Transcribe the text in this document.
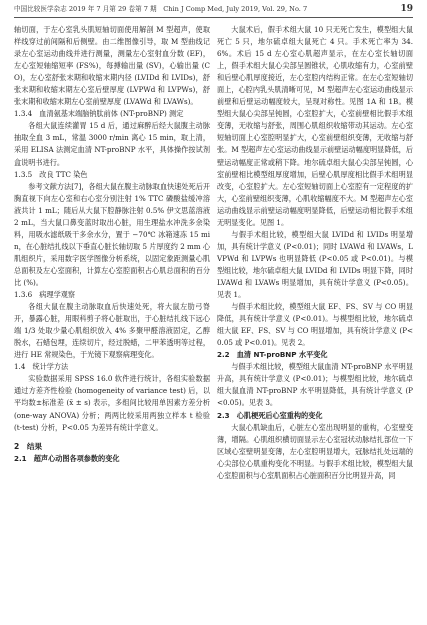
中国比较医学杂志 2019 年 7 月第 29 卷第 7 期　Chin J Comp Med, July 2019, Vol. 29, No. 7	19

轴切面，于左心室乳头肌短轴切面使用解剖 M 型超声，使取样线穿过前间隔和后侧壁。由二维图像引导，取 M 型曲线记录左心室运动曲线并进行测量，测量左心室射血分数 (EF)，左心室短轴缩短率 (FS%)，每搏输出量 (SV)，心输出量 (CO)，左心室舒张末期和收缩末期内径 (LVIDd 和 LVIDs)，舒张末期和收缩末期左心室后壁厚度 (LVPWd 和 LVPWs)，舒张末期和收缩末期左心室前壁厚度 (LVAWd 和 LVAWs)。

1.3.4　血清氨基末端脑钠肽前体 (NT-proBNP) 测定

各组大鼠连续灌胃 15 d 后，通过麻醉后经大鼠腹主动脉抽取全血 3 mL，常温 3000 r/min 离心 15 min，取上清，采用 ELISA 法测定血清 NT-proBNP 水平，具体操作按试剂盒说明书进行。

1.3.5　改良 TTC 染色

参考文献方法[7]，各组大鼠在腹主动脉取血快速处死后开胸直视下向左心室和右心室分别注射 1% TTC 磷酸盐缓冲溶液共计 1 mL；随后从大鼠下腔静脉注射 0.5% 伊文思蓝溶液 2 mL，当大鼠口鼻变蓝时取出心脏，用生理盐水冲洗多余染料，用吸水滤纸吸干多余水分，置于 −70℃ 冰箱速冻 15 min，在心脏结扎线以下垂直心脏长轴切取 5 片厚度约 2 mm 心肌组织片，采用数字医学图像分析系统，以固定象距测量心肌总面积及左心室面积，计算左心室腔面积占心肌总面积的百分比 (%)。

1.3.6　病理学观察

各组大鼠在腹主动脉取血后快速处死，将大鼠左肋弓脊开，暴露心脏，用眼科剪子将心脏取出，于心脏结扎线下远心端 1/3 处取少量心肌组织放入 4% 多聚甲醛溶液固定，乙醇脱水，石蜡包埋，连续切片，经过脱蜡，二甲苯透明等过程，进行 HE 常规染色，于光镜下观察病理变化。

1.4　统计学方法

实验数据采用 SPSS 16.0 软件进行统计，各组实验数据通过方差齐性检验 (homogeneity of variance test) 后，以平均数±标准差 (x̄ ± s) 表示，多组间比较用单因素方差分析 (one-way ANOVA) 分析；两两比较采用两独立样本 t 检验 (t-test) 分析，P<0.05 为差异有统计学意义。

2　结果
2.1　超声心动图各项参数的变化

大鼠术后，假手术组大鼠 10 只无死亡发生，模型组大鼠死亡 5 只，地尔硫卓组大鼠死亡 4 只。手术死亡率为 34.6%。术后 15 d 左心室心肌超声显示，在左心室长轴切面上，假手术组大鼠心尖部呈圆锥状，心肌收缩有力，心室前壁和后壁心肌厚度接近，左心室腔内结构正常。在左心室短轴切面上，心腔内乳头肌清晰可见，M 型超声左心室运动曲线显示前壁和后壁运动幅度较大，呈现对称性。见图 1A 和 1B。模型组大鼠心尖部呈钝圆，心室腔扩大，心室前壁相比假手术组变薄，无收缩与舒张，周围心肌组织收缩带动其运动。左心室短轴切面上心室腔明显扩大，心室前壁组织变薄，无收缩与舒张。M 型超声左心室运动曲线显示前壁运动幅度明显降低，后壁运动幅度正常或稍下降。地尔硫卓组大鼠心尖部呈钝圆，心室前壁相比模型组厚度增加，后壁心肌厚度相比假手术组明显改变，心室腔扩大。左心室短轴切面上心室腔有一定程度的扩大，心室前壁组织变薄，心肌收缩幅度不大。M 型超声左心室运动曲线显示前壁运动幅度明显降低，后壁运动相比假手术组无明显变化。见图 1。

与假手术组比较，模型组大鼠 LVIDd 和 LVIDs 明显增加，具有统计学意义 (P<0.01)；同时 LVAWd 和 LVAWs，LVPWd 和 LVPWs 也明显降低 (P<0.05 或 P<0.01)。与模型组比较，地尔硫卓组大鼠 LVIDd 和 LVIDs 明显下降，同时 LVAWd 和 LVAWs 明显增加，具有统计学意义 (P<0.05)。见表 1。

与假手术组比较，模型组大鼠 EF、FS、SV 与 CO 明显降低，具有统计学意义 (P<0.01)。与模型组比较，地尔硫卓组大鼠 EF、FS、SV 与 CO 明显增加，具有统计学意义 (P<0.05 或 P<0.01)。见表 2。

2.2　血清 NT-proBNP 水平变化

与假手术组比较，模型组大鼠血清 NT-proBNP 水平明显升高，具有统计学意义 (P<0.01)；与模型组比较，地尔硫卓组大鼠血清 NT-proBNP 水平明显降低，具有统计学意义 (P<0.05)。见表 3。

2.3　心肌梗死后心室重构的变化

大鼠心肌缺血后，心脏左心室出现明显的重构，心室壁变薄，增隔。心肌组织横切面显示左心室冠状动脉结扎部位一下区域心室壁明显变薄，左心室腔明显增大，冠脉结扎处远端的心尖部位心肌重构变化不明显。与假手术组比较，模型组大鼠心室腔面积与心室肌面积占心脏面积百分比明显升高，同
